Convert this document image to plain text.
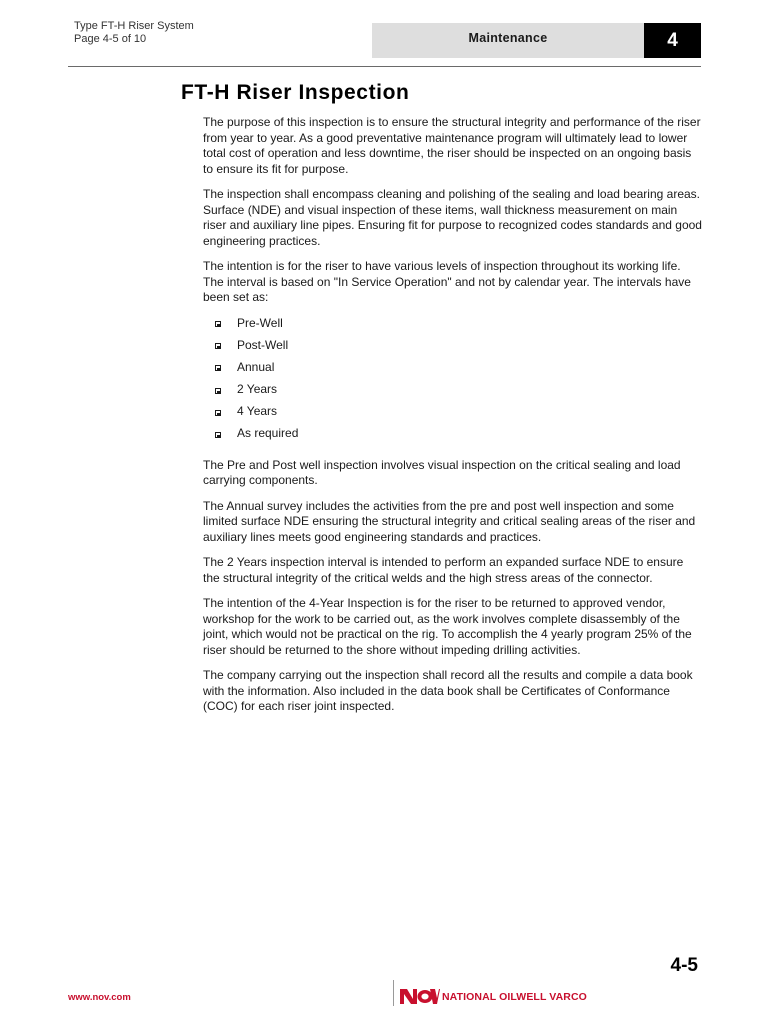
Type FT-H Riser System
Page 4-5 of 10	Maintenance	4
FT-H Riser Inspection

The purpose of this inspection is to ensure the structural integrity and performance of the riser from year to year. As a good preventative maintenance program will ultimately lead to lower total cost of operation and less downtime, the riser should be inspected on an ongoing basis to ensure its fit for purpose.

The inspection shall encompass cleaning and polishing of the sealing and load bearing areas. Surface (NDE) and visual inspection of these items, wall thickness measurement on main riser and auxiliary line pipes. Ensuring fit for purpose to recognized codes standards and good engineering practices.

The intention is for the riser to have various levels of inspection throughout its working life. The interval is based on "In Service Operation" and not by calendar year. The intervals have been set as:

Pre-Well
Post-Well
Annual
2 Years
4 Years
As required

The Pre and Post well inspection involves visual inspection on the critical sealing and load carrying components.

The Annual survey includes the activities from the pre and post well inspection and some limited surface NDE ensuring the structural integrity and critical sealing areas of the riser and auxiliary lines meets good engineering standards and practices.

The 2 Years inspection interval is intended to perform an expanded surface NDE to ensure the structural integrity of the critical welds and the high stress areas of the connector.

The intention of the 4-Year Inspection is for the riser to be returned to approved vendor, workshop for the work to be carried out, as the work involves complete disassembly of the joint, which would not be practical on the rig. To accomplish the 4 yearly program 25% of the riser should be returned to the shore without impeding drilling activities.

The company carrying out the inspection shall record all the results and compile a data book with the information. Also included in the data book shall be Certificates of Conformance (COC) for each riser joint inspected.

4-5
www.nov.com	NATIONAL OILWELL VARCO
